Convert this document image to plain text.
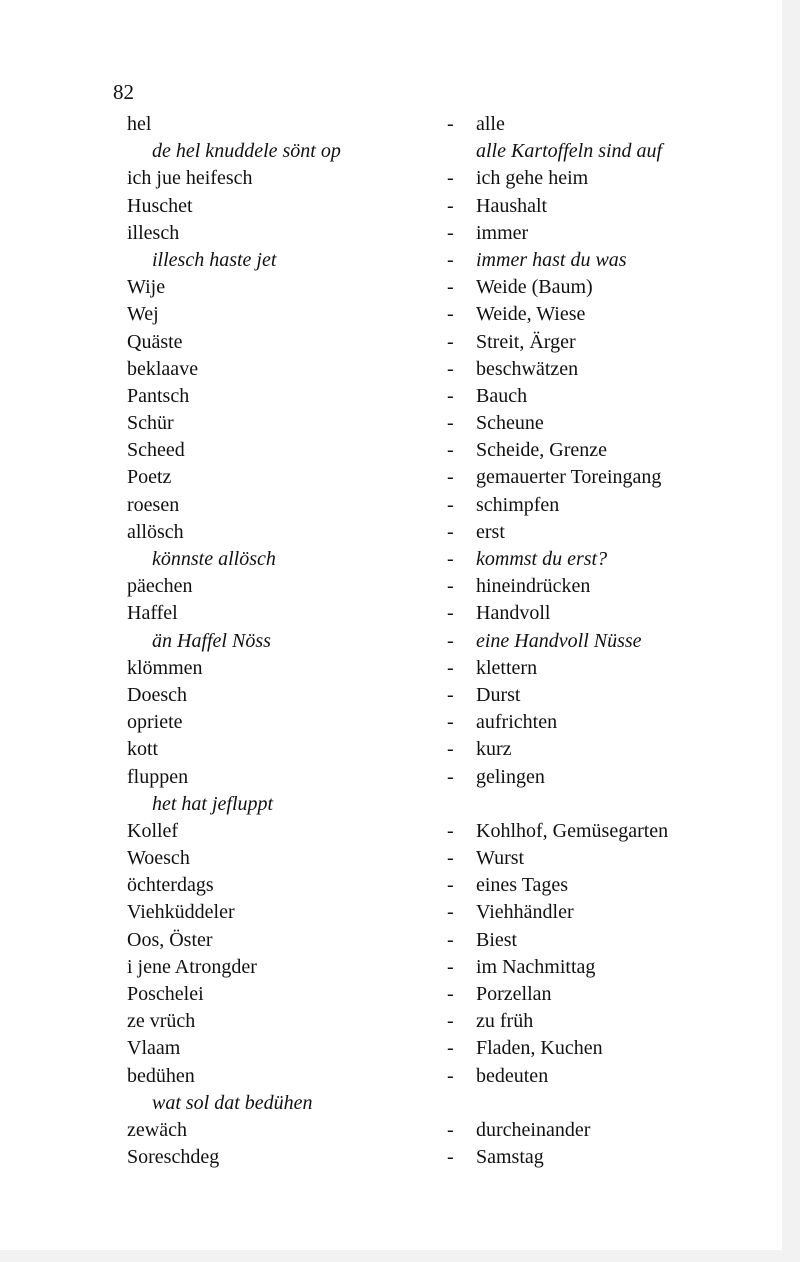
82
hel	- alle
de hel knuddele sönt op	alle Kartoffeln sind auf
ich jue heifesch	- ich gehe heim
Huschet	- Haushalt
illesch	- immer
illesch haste jet	- immer hast du was
Wije	- Weide (Baum)
Wej	- Weide, Wiese
Quäste	- Streit, Ärger
beklaave	- beschwätzen
Pantsch	- Bauch
Schür	- Scheune
Scheed	- Scheide, Grenze
Poetz	- gemauerter Toreingang
roesen	- schimpfen
allösch	- erst
könnste allösch	- kommst du erst?
päechen	- hineindrücken
Haffel	- Handvoll
än Haffel Nöss	- eine Handvoll Nüsse
klömmen	- klettern
Doesch	- Durst
opriete	- aufrichten
kott	- kurz
fluppen	- gelingen
het hat jefluppt
Kollef	- Kohlhof, Gemüsegarten
Woesch	- Wurst
öchterdags	- eines Tages
Viehküddeler	- Viehhändler
Oos, Öster	- Biest
i jene Atrongder	- im Nachmittag
Poschelei	- Porzellan
ze vrüch	- zu früh
Vlaam	- Fladen, Kuchen
bedühen	- bedeuten
wat sol dat bedühen
zewäch	- durcheinander
Soreschdeg	- Samstag
